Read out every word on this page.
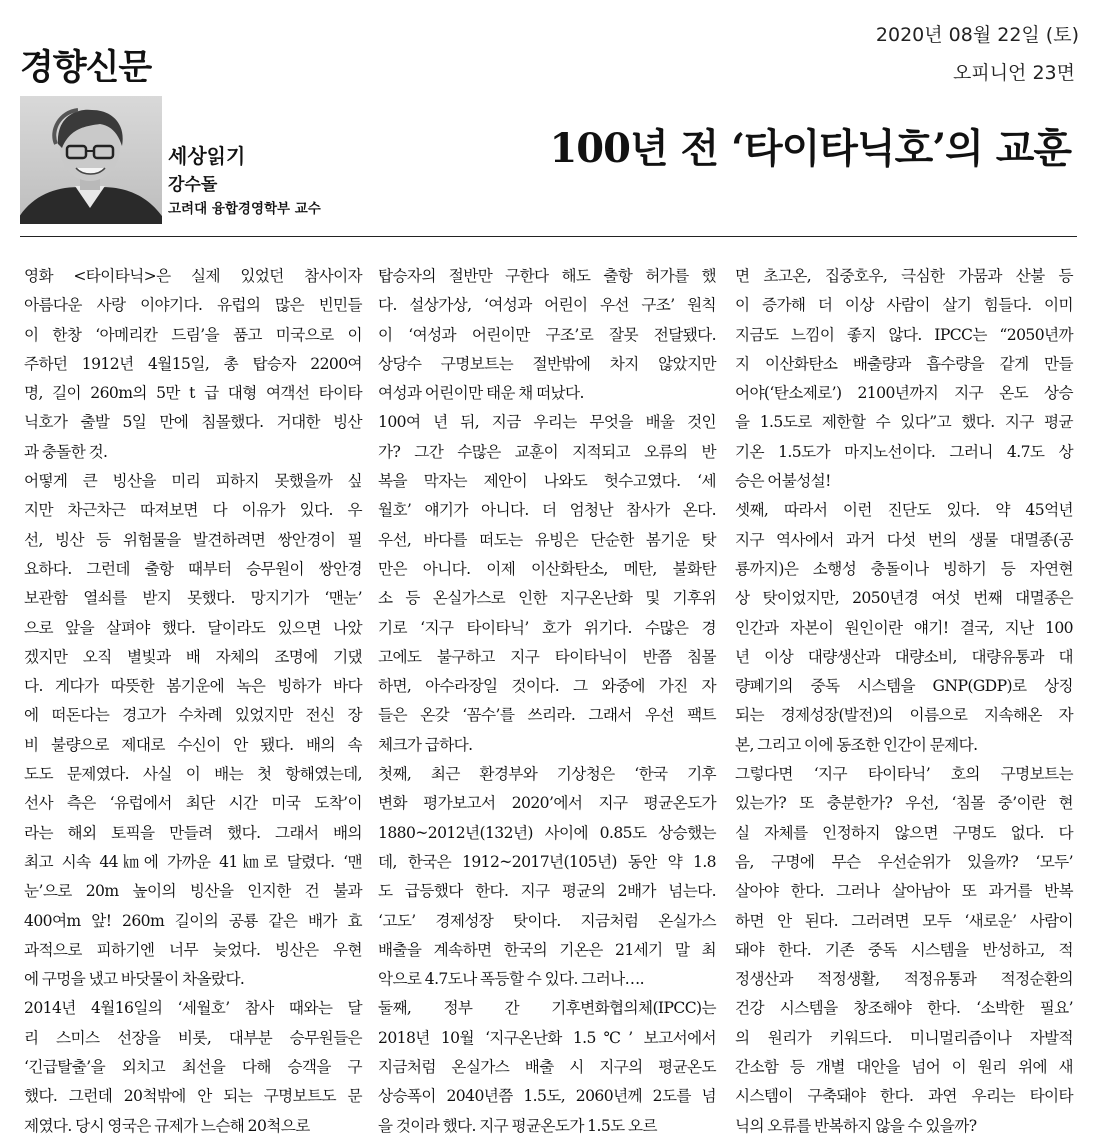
경향신문
2020년 08월 22일 (토)
오피니언 23면
세상읽기
강수돌
고려대 융합경영학부 교수
100년 전 ‘타이타닉호’의 교훈
영화 <타이타닉>은 실제 있었던 참사이자
아름다운 사랑 이야기다. 유럽의 많은 빈민들
이 한창 ‘아메리칸 드림’을 품고 미국으로 이
주하던 1912년 4월15일, 총 탑승자 2200여
명, 길이 260m의 5만 t 급 대형 여객선 타이타
닉호가 출발 5일 만에 침몰했다. 거대한 빙산
과 충돌한 것.
어떻게 큰 빙산을 미리 피하지 못했을까 싶
지만 차근차근 따져보면 다 이유가 있다. 우
선, 빙산 등 위험물을 발견하려면 쌍안경이 필
요하다. 그런데 출항 때부터 승무원이 쌍안경
보관함 열쇠를 받지 못했다. 망지기가 ‘맨눈’
으로 앞을 살펴야 했다. 달이라도 있으면 나았
겠지만 오직 별빛과 배 자체의 조명에 기댔
다. 게다가 따뜻한 봄기운에 녹은 빙하가 바다
에 떠돈다는 경고가 수차례 있었지만 전신 장
비 불량으로 제대로 수신이 안 됐다. 배의 속
도도 문제였다. 사실 이 배는 첫 항해였는데,
선사 측은 ‘유럽에서 최단 시간 미국 도착’이
라는 해외 토픽을 만들려 했다. 그래서 배의
최고 시속 44㎞에 가까운 41㎞로 달렸다. ‘맨
눈’으로 20m 높이의 빙산을 인지한 건 불과
400여m 앞! 260m 길이의 공룡 같은 배가 효
과적으로 피하기엔 너무 늦었다. 빙산은 우현
에 구멍을 냈고 바닷물이 차올랐다.
2014년 4월16일의 ‘세월호’ 참사 때와는 달
리 스미스 선장을 비롯, 대부분 승무원들은
‘긴급탈출’을 외치고 최선을 다해 승객을 구
했다. 그런데 20척밖에 안 되는 구명보트도 문
제였다. 당시 영국은 규제가 느슨해 20척으로
탑승자의 절반만 구한다 해도 출항 허가를 했
다. 설상가상, ‘여성과 어린이 우선 구조’ 원칙
이 ‘여성과 어린이만 구조’로 잘못 전달됐다.
상당수 구명보트는 절반밖에 차지 않았지만
여성과 어린이만 태운 채 떠났다.
100여 년 뒤, 지금 우리는 무엇을 배울 것인
가? 그간 수많은 교훈이 지적되고 오류의 반
복을 막자는 제안이 나와도 헛수고였다. ‘세
월호’ 얘기가 아니다. 더 엄청난 참사가 온다.
우선, 바다를 떠도는 유빙은 단순한 봄기운 탓
만은 아니다. 이제 이산화탄소, 메탄, 불화탄
소 등 온실가스로 인한 지구온난화 및 기후위
기로 ‘지구 타이타닉’ 호가 위기다. 수많은 경
고에도 불구하고 지구 타이타닉이 반쯤 침몰
하면, 아수라장일 것이다. 그 와중에 가진 자
들은 온갖 ‘꼼수’를 쓰리라. 그래서 우선 팩트
체크가 급하다.
첫째, 최근 환경부와 기상청은 ‘한국 기후
변화 평가보고서 2020’에서 지구 평균온도가
1880~2012년(132년) 사이에 0.85도 상승했는
데, 한국은 1912~2017년(105년) 동안 약 1.8
도 급등했다 한다. 지구 평균의 2배가 넘는다.
‘고도’ 경제성장 탓이다. 지금처럼 온실가스
배출을 계속하면 한국의 기온은 21세기 말 최
악으로 4.7도나 폭등할 수 있다. 그러나….
둘째, 정부 간 기후변화협의체(IPCC)는
2018년 10월 ‘지구온난화 1.5℃’ 보고서에서
지금처럼 온실가스 배출 시 지구의 평균온도
상승폭이 2040년쯤 1.5도, 2060년께 2도를 넘
을 것이라 했다. 지구 평균온도가 1.5도 오르
면 초고온, 집중호우, 극심한 가뭄과 산불 등
이 증가해 더 이상 사람이 살기 힘들다. 이미
지금도 느낌이 좋지 않다. IPCC는 “2050년까
지 이산화탄소 배출량과 흡수량을 같게 만들
어야(‘탄소제로’) 2100년까지 지구 온도 상승
을 1.5도로 제한할 수 있다”고 했다. 지구 평균
기온 1.5도가 마지노선이다. 그러니 4.7도 상
승은 어불성설!
셋째, 따라서 이런 진단도 있다. 약 45억년
지구 역사에서 과거 다섯 번의 생물 대멸종(공
룡까지)은 소행성 충돌이나 빙하기 등 자연현
상 탓이었지만, 2050년경 여섯 번째 대멸종은
인간과 자본이 원인이란 얘기! 결국, 지난 100
년 이상 대량생산과 대량소비, 대량유통과 대
량폐기의 중독 시스템을 GNP(GDP)로 상징
되는 경제성장(발전)의 이름으로 지속해온 자
본, 그리고 이에 동조한 인간이 문제다.
그렇다면 ‘지구 타이타닉’ 호의 구명보트는
있는가? 또 충분한가? 우선, ‘침몰 중’이란 현
실 자체를 인정하지 않으면 구명도 없다. 다
음, 구명에 무슨 우선순위가 있을까? ‘모두’
살아야 한다. 그러나 살아남아 또 과거를 반복
하면 안 된다. 그러려면 모두 ‘새로운’ 사람이
돼야 한다. 기존 중독 시스템을 반성하고, 적
정생산과 적정생활, 적정유통과 적정순환의
건강 시스템을 창조해야 한다. ‘소박한 필요’
의 원리가 키워드다. 미니멀리즘이나 자발적
간소함 등 개별 대안을 넘어 이 원리 위에 새
시스템이 구축돼야 한다. 과연 우리는 타이타
닉의 오류를 반복하지 않을 수 있을까?
